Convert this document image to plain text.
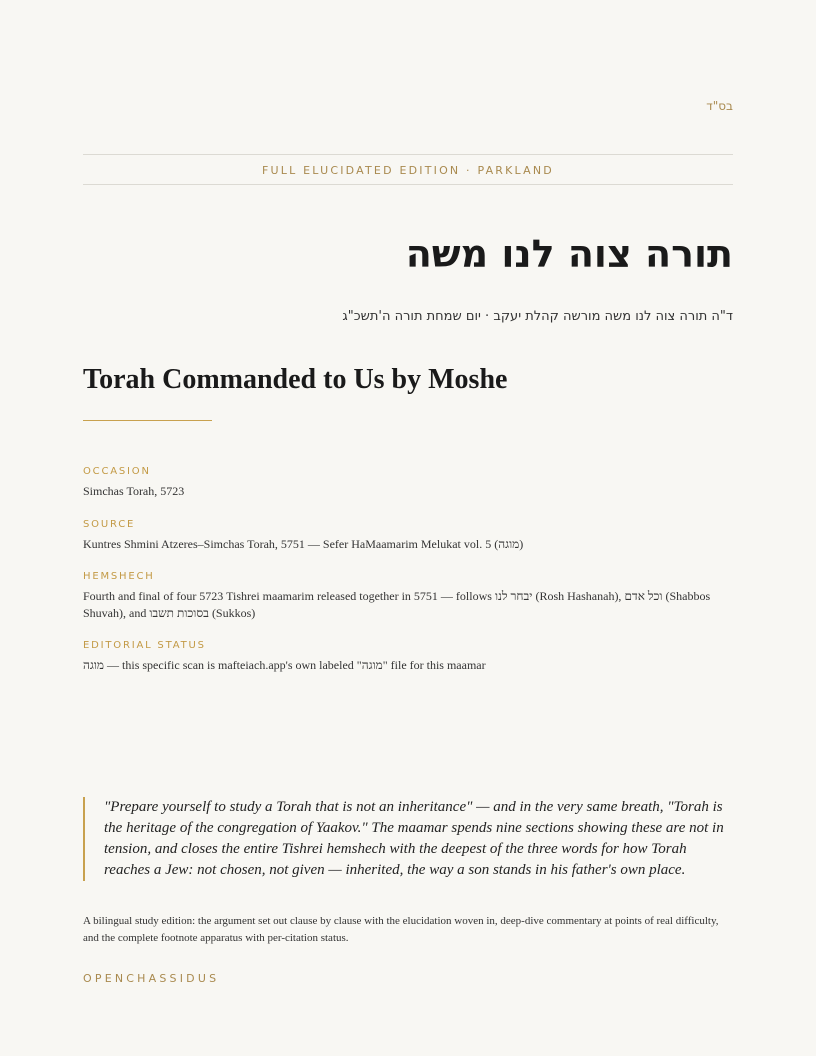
בס"ד
FULL ELUCIDATED EDITION · PARKLAND
תורה צוה לנו משה
ד"ה תורה צוה לנו משה מורשה קהלת יעקב · יום שמחת תורה ה'תשכ"ג
Torah Commanded to Us by Moshe
OCCASION
Simchas Torah, 5723
SOURCE
Kuntres Shmini Atzeres–Simchas Torah, 5751 — Sefer HaMaamarim Melukat vol. 5 (מוגה)
HEMSHECH
Fourth and final of four 5723 Tishrei maamarim released together in 5751 — follows יבחר לנו (Rosh Hashanah), וכל אדם (Shabbos Shuvah), and בסוכות תשבו (Sukkos)
EDITORIAL STATUS
מוגה — this specific scan is mafteiach.app's own labeled "מוגה" file for this maamar
"Prepare yourself to study a Torah that is not an inheritance" — and in the very same breath, "Torah is the heritage of the congregation of Yaakov." The maamar spends nine sections showing these are not in tension, and closes the entire Tishrei hemshech with the deepest of the three words for how Torah reaches a Jew: not chosen, not given — inherited, the way a son stands in his father's own place.
A bilingual study edition: the argument set out clause by clause with the elucidation woven in, deep-dive commentary at points of real difficulty, and the complete footnote apparatus with per-citation status.
OPENCHASSIDUS
